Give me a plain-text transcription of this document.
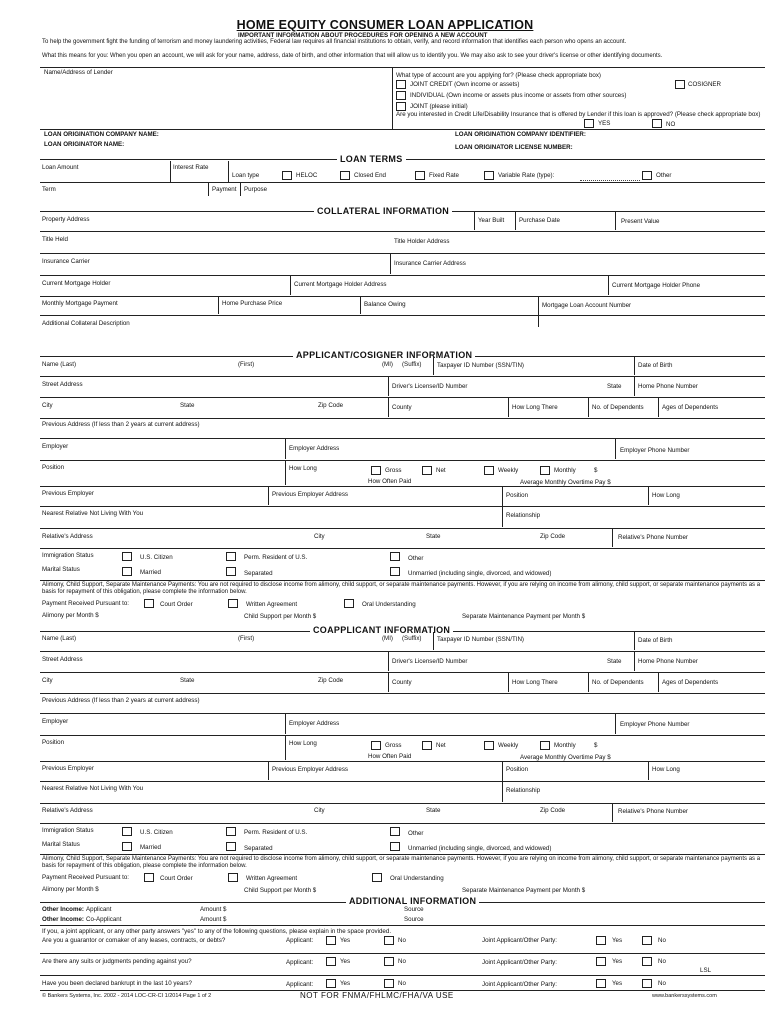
HOME EQUITY CONSUMER LOAN APPLICATION
IMPORTANT INFORMATION ABOUT PROCEDURES FOR OPENING A NEW ACCOUNT
To help the government fight the funding of terrorism and money laundering activities, Federal law requires all financial institutions to obtain, verify, and record information that identifies each person who opens an account.
What this means for you: When you open an account, we will ask for your name, address, date of birth, and other information that will allow us to identify you. We may also ask to see your driver's license or other identifying documents.
Name/Address of Lender	What type of account are you applying for? (Please check appropriate box)
JOINT CREDIT (Own income or assets)	COSIGNER
INDIVIDUAL (Own income or assets plus income or assets from other sources)
JOINT (please initial)
Are you interested in Credit Life/Disability Insurance that is offered by Lender if this loan is approved? (Please check appropriate box)
YES	NO
LOAN ORIGINATION COMPANY NAME:	LOAN ORIGINATION COMPANY IDENTIFIER:
LOAN ORIGINATOR NAME:	LOAN ORIGINATOR LICENSE NUMBER:
LOAN TERMS
Loan Amount	Interest Rate
Loan type	HELOC	Closed End	Fixed Rate	Variable Rate (type):	Other
Term	Payment Purpose
COLLATERAL INFORMATION
Property Address	Year Built Purchase Date	Present Value
Title Held	Title Holder Address
Insurance Carrier	Insurance Carrier Address
Current Mortgage Holder	Current Mortgage Holder Address	Current Mortgage Holder Phone
Monthly Mortgage Payment	Home Purchase Price	Balance Owing	Mortgage Loan Account Number
Additional Collateral Description
APPLICANT/COSIGNER INFORMATION
Name (Last)	(First)	(MI) (Suffix)	Taxpayer ID Number (SSN/TIN)	Date of Birth
Street Address	Driver's License/ID Number	State	Home Phone Number
City	State	Zip Code	County	How Long There	No. of Dependents	Ages of Dependents
Previous Address (If less than 2 years at current address)
Employer	Employer Address	Employer Phone Number
Position	How Long	Gross	Net	Weekly	Monthly	$
How Often Paid	Average Monthly Overtime Pay $
Previous Employer	Previous Employer Address	Position	How Long
Nearest Relative Not Living With You	Relationship
Relative's Address	City	State	Zip Code	Relative's Phone Number
Immigration Status	U.S. Citizen	Perm. Resident of U.S.	Other
Marital Status	Married	Separated	Unmarried (including single, divorced, and widowed)
Alimony, Child Support, Separate Maintenance Payments: You are not required to disclose income from alimony, child support, or separate maintenance payments. However, if you are relying on income from alimony, child support, or separate maintenance payments as a basis for repayment of this obligation, please complete the information below.
Payment Received Pursuant to:	Court Order	Written Agreement	Oral Understanding
Alimony per Month $	Child Support per Month $	Separate Maintenance Payment per Month $
COAPPLICANT INFORMATION
Name (Last)	(First)	(MI) (Suffix)	Taxpayer ID Number (SSN/TIN)	Date of Birth
Street Address	Driver's License/ID Number	State	Home Phone Number
City	State	Zip Code	County	How Long There	No. of Dependents	Ages of Dependents
Previous Address (If less than 2 years at current address)
Employer	Employer Address	Employer Phone Number
Position	How Long	Gross	Net	Weekly	Monthly	$
How Often Paid	Average Monthly Overtime Pay $
Previous Employer	Previous Employer Address	Position	How Long
Nearest Relative Not Living With You	Relationship
Relative's Address	City	State	Zip Code	Relative's Phone Number
Immigration Status	U.S. Citizen	Perm. Resident of U.S.	Other
Marital Status	Married	Separated	Unmarried (including single, divorced, and widowed)
Alimony, Child Support, Separate Maintenance Payments: You are not required to disclose income from alimony, child support, or separate maintenance payments. However, if you are relying on income from alimony, child support, or separate maintenance payments as a basis for repayment of this obligation, please complete the information below.
Payment Received Pursuant to:	Court Order	Written Agreement	Oral Understanding
Alimony per Month $	Child Support per Month $	Separate Maintenance Payment per Month $
ADDITIONAL INFORMATION
Other Income: Applicant	Amount $	Source
Other Income: Co-Applicant	Amount $	Source
If you, a joint applicant, or any other party answers "yes" to any of the following questions, please explain in the space provided.
Are you a guarantor or comaker of any leases, contracts, or debts?	Applicant:	Yes	No	Joint Applicant/Other Party:	Yes	No
Are there any suits or judgments pending against you?	Applicant:	Yes	No	Joint Applicant/Other Party:	Yes	No
LSL
Have you been declared bankrupt in the last 10 years?	Applicant:	Yes	No	Joint Applicant/Other Party:	Yes	No
© Bankers Systems, Inc. 2002 - 2014 LOC-CR-CI 1/2014 Page 1 of 2	NOT FOR FNMA/FHLMC/FHA/VA USE	www.bankerssystems.com
